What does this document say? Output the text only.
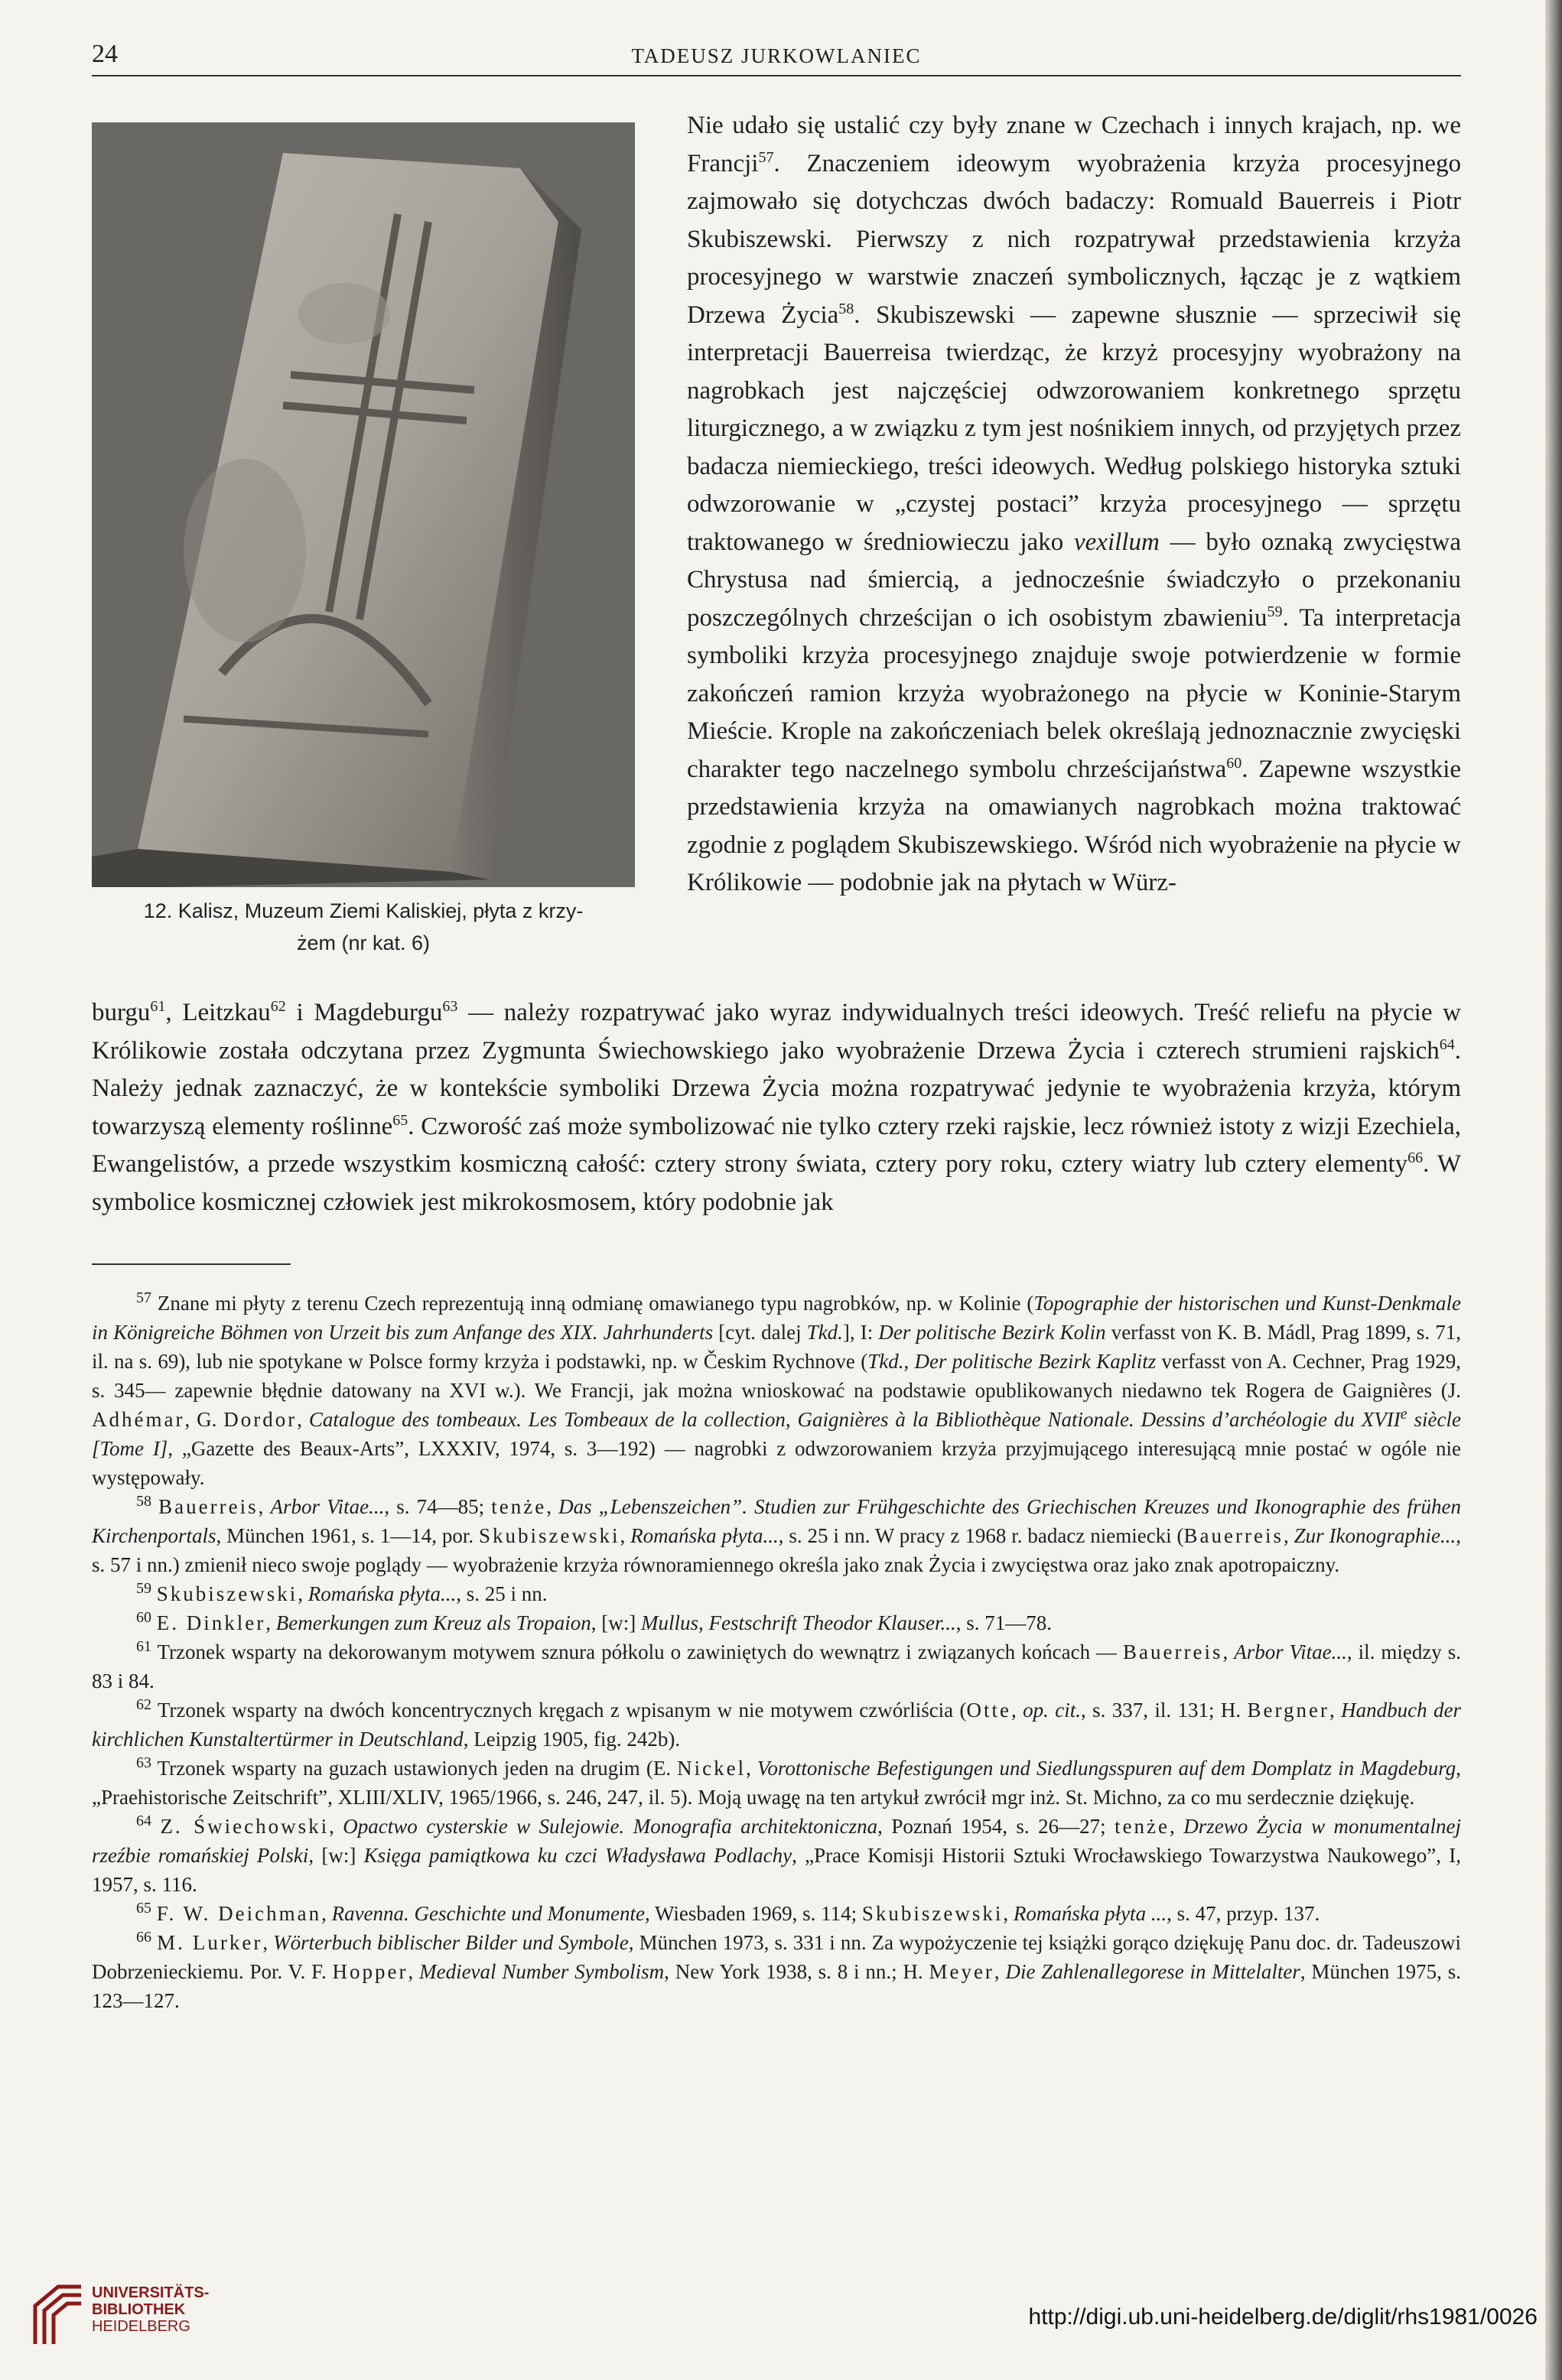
24	TADEUSZ JURKOWLANIEC
12. Kalisz, Muzeum Ziemi Kaliskiej, płyta z krzy-
żem (nr kat. 6)

Nie udało się ustalić czy były znane w Czechach i innych krajach, np. we Francji$^{57}$. Znaczeniem ideowym wyobrażenia krzyża procesyjnego zajmowało się dotychczas dwóch badaczy: Romuald Bauerreis i Piotr Skubiszewski. Pierwszy z nich rozpatrywał przedstawienia krzyża procesyjnego w warstwie znaczeń symbolicznych, łącząc je z wątkiem Drzewa Życia$^{58}$. Skubiszewski — zapewne słusznie — sprzeciwił się interpretacji Bauerreisa twierdząc, że krzyż procesyjny wyobrażony na nagrobkach jest najczęściej odwzorowaniem konkretnego sprzętu liturgicznego, a w związku z tym jest nośnikiem innych, od przyjętych przez badacza niemieckiego, treści ideowych. Według polskiego historyka sztuki odwzorowanie w „czystej postaci” krzyża procesyjnego — sprzętu traktowanego w średniowieczu jako vexillum — było oznaką zwycięstwa Chrystusa nad śmiercią, a jednocześnie świadczyło o przekonaniu poszczególnych chrześcijan o ich osobistym zbawieniu$^{59}$. Ta interpretacja symboliki krzyża procesyjnego znajduje swoje potwierdzenie w formie zakończeń ramion krzyża wyobrażonego na płycie w Koninie-Starym Mieście. Krople na zakończeniach belek określają jednoznacznie zwycięski charakter tego naczelnego symbolu chrześcijaństwa$^{60}$. Zapewne wszystkie przedstawienia krzyża na omawianych nagrobkach można traktować zgodnie z poglądem Skubiszewskiego. Wśród nich wyobrażenie na płycie w Królikowie — podobnie jak na płytach w Würz-

burgu$^{61}$, Leitzkau$^{62}$ i Magdeburgu$^{63}$ — należy rozpatrywać jako wyraz indywidualnych treści ideowych. Treść reliefu na płycie w Królikowie została odczytana przez Zygmunta Świechowskiego jako wyobrażenie Drzewa Życia i czterech strumieni rajskich$^{64}$. Należy jednak zaznaczyć, że w kontekście symboliki Drzewa Życia można rozpatrywać jedynie te wyobrażenia krzyża, którym towarzyszą elementy roślinne$^{65}$. Czworość zaś może symbolizować nie tylko cztery rzeki rajskie, lecz również istoty z wizji Ezechiela, Ewangelistów, a przede wszystkim kosmiczną całość: cztery strony świata, cztery pory roku, cztery wiatry lub cztery elementy$^{66}$. W symbolice kosmicznej człowiek jest mikrokosmosem, który podobnie jak

$^{57}$ Znane mi płyty z terenu Czech reprezentują inną odmianę omawianego typu nagrobków, np. w Kolinie (Topographie der historischen und Kunst-Denkmale in Königreiche Böhmen von Urzeit bis zum Anfange des XIX. Jahrhunderts [cyt. dalej Tkd.], I: Der politische Bezirk Kolin verfasst von K. B. Mádl, Prag 1899, s. 71, il. na s. 69), lub nie spotykane w Polsce formy krzyża i podstawki, np. w Českim Rychnove (Tkd., Der politische Bezirk Kaplitz verfasst von A. Cechner, Prag 1929, s. 345— zapewnie błędnie datowany na XVI w.). We Francji, jak można wnioskować na podstawie opublikowanych niedawno tek Rogera de Gaignières (J. Adhémar, G. Dordor, Catalogue des tombeaux. Les Tombeaux de la collection, Gaignières à la Bibliothèque Nationale. Dessins d’archéologie du XVIIe siècle [Tome I], „Gazette des Beaux-Arts”, LXXXIV, 1974, s. 3—192) — nagrobki z odwzorowaniem krzyża przyjmującego interesującą mnie postać w ogóle nie występowały.

$^{58}$ Bauerreis, Arbor Vitae..., s. 74—85; tenże, Das „Lebenszeichen”. Studien zur Frühgeschichte des Griechischen Kreuzes und Ikonographie des frühen Kirchenportals, München 1961, s. 1—14, por. Skubiszewski, Romańska płyta..., s. 25 i nn. W pracy z 1968 r. badacz niemiecki (Bauerreis, Zur Ikonographie..., s. 57 i nn.) zmienił nieco swoje poglądy — wyobrażenie krzyża równoramiennego określa jako znak Życia i zwycięstwa oraz jako znak apotropaiczny.

$^{59}$ Skubiszewski, Romańska płyta..., s. 25 i nn.

$^{60}$ E. Dinkler, Bemerkungen zum Kreuz als Tropaion, [w:] Mullus, Festschrift Theodor Klauser..., s. 71—78.

$^{61}$ Trzonek wsparty na dekorowanym motywem sznura półkolu o zawiniętych do wewnątrz i związanych końcach — Bauerreis, Arbor Vitae..., il. między s. 83 i 84.

$^{62}$ Trzonek wsparty na dwóch koncentrycznych kręgach z wpisanym w nie motywem czwórliścia (Otte, op. cit., s. 337, il. 131; H. Bergner, Handbuch der kirchlichen Kunstaltertürmer in Deutschland, Leipzig 1905, fig. 242b).

$^{63}$ Trzonek wsparty na guzach ustawionych jeden na drugim (E. Nickel, Vorottonische Befestigungen und Siedlungsspuren auf dem Domplatz in Magdeburg, „Praehistorische Zeitschrift”, XLIII/XLIV, 1965/1966, s. 246, 247, il. 5). Moją uwagę na ten artykuł zwrócił mgr inż. St. Michno, za co mu serdecznie dziękuję.

$^{64}$ Z. Świechowski, Opactwo cysterskie w Sulejowie. Monografia architektoniczna, Poznań 1954, s. 26—27; tenże, Drzewo Życia w monumentalnej rzeźbie romańskiej Polski, [w:] Księga pamiątkowa ku czci Władysława Podlachy, „Prace Komisji Historii Sztuki Wrocławskiego Towarzystwa Naukowego”, I, 1957, s. 116.

$^{65}$ F. W. Deichman, Ravenna. Geschichte und Monumente, Wiesbaden 1969, s. 114; Skubiszewski, Romańska płyta ..., s. 47, przyp. 137.

$^{66}$ M. Lurker, Wörterbuch biblischer Bilder und Symbole, München 1973, s. 331 i nn. Za wypożyczenie tej książki gorąco dziękuję Panu doc. dr. Tadeuszowi Dobrzenieckiemu. Por. V. F. Hopper, Medieval Number Symbolism, New York 1938, s. 8 i nn.; H. Meyer, Die Zahlenallegorese in Mittelalter, München 1975, s. 123—127.

UNIVERSITÄTS-
BIBLIOTHEK
HEIDELBERG	http://digi.ub.uni-heidelberg.de/diglit/rhs1981/0026
